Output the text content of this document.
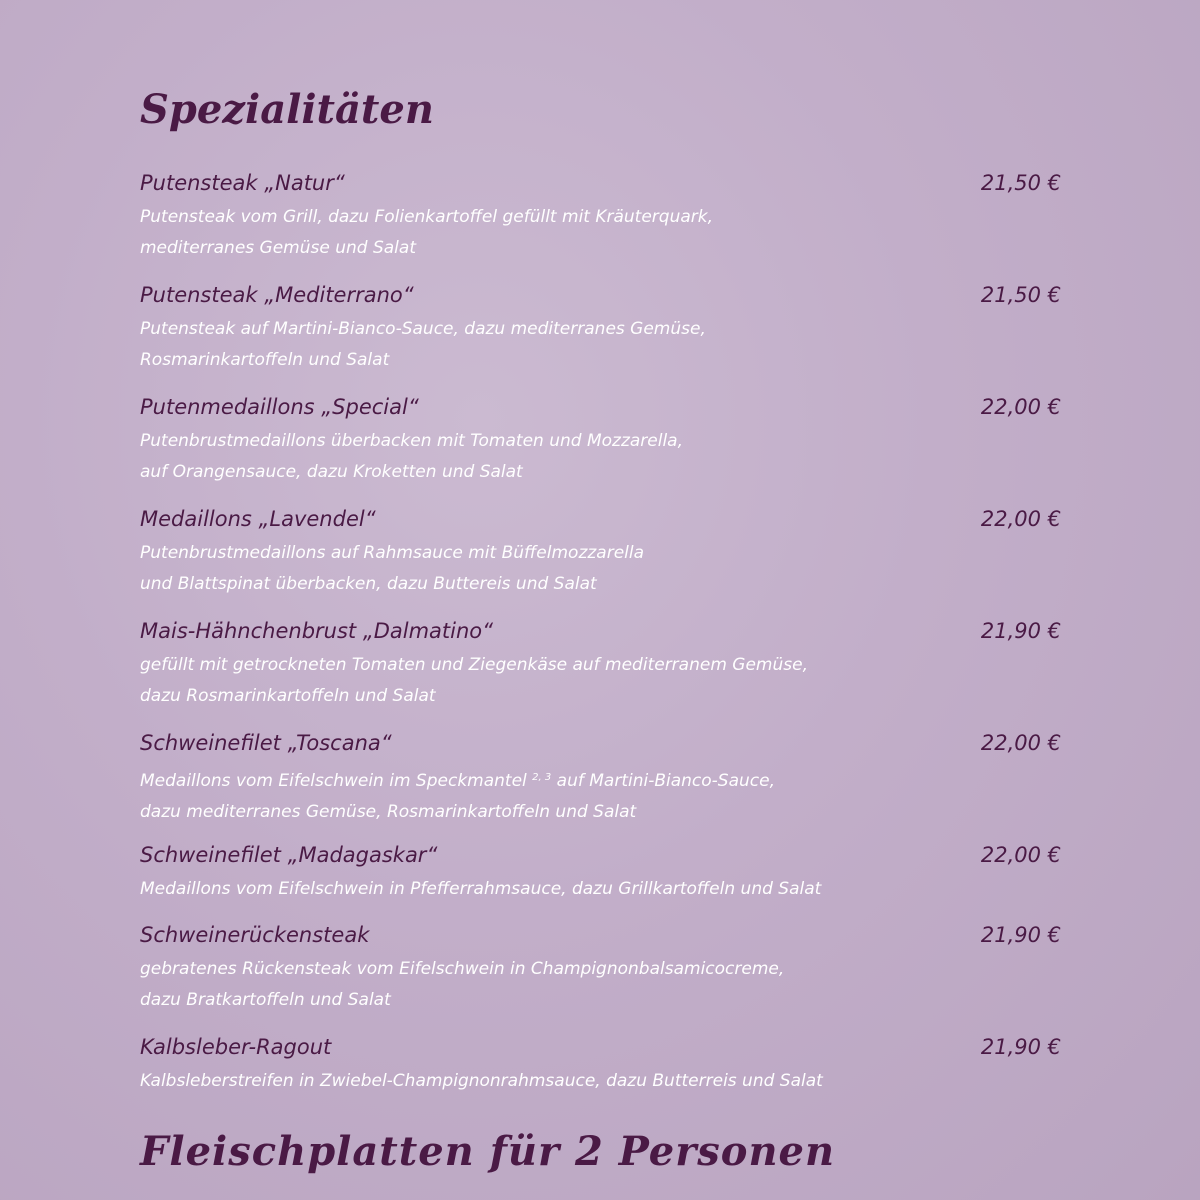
Spezialitäten
Putensteak „Natur“	21,50 €
Putensteak vom Grill, dazu Folienkartoffel gefüllt mit Kräuterquark,
mediterranes Gemüse und Salat
Putensteak „Mediterrano“	21,50 €
Putensteak auf Martini-Bianco-Sauce, dazu mediterranes Gemüse,
Rosmarinkartoffeln und Salat
Putenmedaillons „Special“	22,00 €
Putenbrustmedaillons überbacken mit Tomaten und Mozzarella,
auf Orangensauce, dazu Kroketten und Salat
Medaillons „Lavendel“	22,00 €
Putenbrustmedaillons auf Rahmsauce mit Büffelmozzarella
und Blattspinat überbacken, dazu Buttereis und Salat
Mais-Hähnchenbrust „Dalmatino“	21,90 €
gefüllt mit getrockneten Tomaten und Ziegenkäse auf mediterranem Gemüse,
dazu Rosmarinkartoffeln und Salat
Schweinefilet „Toscana“	22,00 €
Medaillons vom Eifelschwein im Speckmantel $^{2, 3}$ auf Martini-Bianco-Sauce,
dazu mediterranes Gemüse, Rosmarinkartoffeln und Salat
Schweinefilet „Madagaskar“	22,00 €
Medaillons vom Eifelschwein in Pfefferrahmsauce, dazu Grillkartoffeln und Salat
Schweinerückensteak	21,90 €
gebratenes Rückensteak vom Eifelschwein in Champignonbalsamicocreme,
dazu Bratkartoffeln und Salat
Kalbsleber-Ragout	21,90 €
Kalbsleberstreifen in Zwiebel-Champignonrahmsauce, dazu Butterreis und Salat
Fleischplatten für 2 Personen
